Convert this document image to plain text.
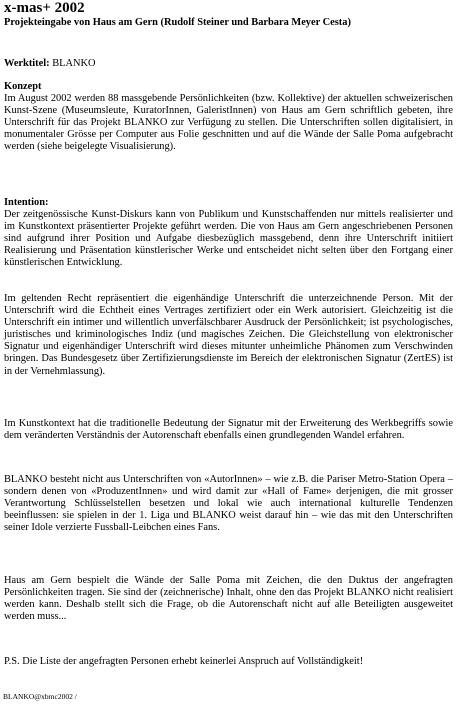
x-mas+ 2002

Projekteingabe von Haus am Gern (Rudolf Steiner und Barbara Meyer Cesta)

Werktitel: BLANKO

Konzept

Im August 2002 werden 88 massgebende Persönlichkeiten (bzw. Kollektive) der aktuellen schweizerischen Kunst-Szene (Museumsleute, KuratorInnen, GaleristInnen) von Haus am Gern schriftlich gebeten, ihre Unterschrift für das Projekt BLANKO zur Verfügung zu stellen. Die Unterschriften sollen digitalisiert, in monumentaler Grösse per Computer aus Folie geschnitten und auf die Wände der Salle Poma aufgebracht werden (siehe beigelegte Visualisierung).

Intention:

Der zeitgenössische Kunst-Diskurs kann von Publikum und Kunstschaffenden nur mittels realisierter und im Kunstkontext präsentierter Projekte geführt werden. Die von Haus am Gern angeschriebenen Personen sind aufgrund ihrer Position und Aufgabe diesbezüglich massgebend, denn ihre Unterschrift initiiert Realisierung und Präsentation künstlerischer Werke und entscheidet nicht selten über den Fortgang einer künstlerischen Entwicklung.

Im geltenden Recht repräsentiert die eigenhändige Unterschrift die unterzeichnende Person. Mit der Unterschrift wird die Echtheit eines Vertrages zertifiziert oder ein Werk autorisiert. Gleichzeitig ist die Unterschrift ein intimer und willentlich unverfälschbarer Ausdruck der Persönlichkeit; ist psychologisches, juristisches und kriminologisches Indiz (und magisches Zeichen. Die Gleichstellung von elektronischer Signatur und eigenhändiger Unterschrift wird dieses mitunter unheimliche Phänomen zum Verschwinden bringen. Das Bundesgesetz über Zertifizierungsdienste im Bereich der elektronischen Signatur (ZertES) ist in der Vernehmlassung).

Im Kunstkontext hat die traditionelle Bedeutung der Signatur mit der Erweiterung des Werkbegriffs sowie dem veränderten Verständnis der Autorenschaft ebenfalls einen grundlegenden Wandel erfahren.

BLANKO besteht nicht aus Unterschriften von «AutorInnen» – wie z.B. die Pariser Metro-Station Opera – sondern denen von «ProduzentInnen» und wird damit zur «Hall of Fame» derjenigen, die mit grosser Verantwortung Schlüsselstellen besetzen und lokal wie auch international kulturelle Tendenzen beeinflussen: sie spielen in der 1. Liga und BLANKO weist darauf hin – wie das mit den Unterschriften seiner Idole verzierte Fussball-Leibchen eines Fans.

Haus am Gern bespielt die Wände der Salle Poma mit Zeichen, die den Duktus der angefragten Persönlichkeiten tragen. Sie sind der (zeichnerische) Inhalt, ohne den das Projekt BLANKO nicht realisiert werden kann. Deshalb stellt sich die Frage, ob die Autorenschaft nicht auf alle Beteiligten ausgeweitet werden muss...

P.S. Die Liste der angefragten Personen erhebt keinerlei Anspruch auf Vollständigkeit!

BLANKO@xbmc2002 /
